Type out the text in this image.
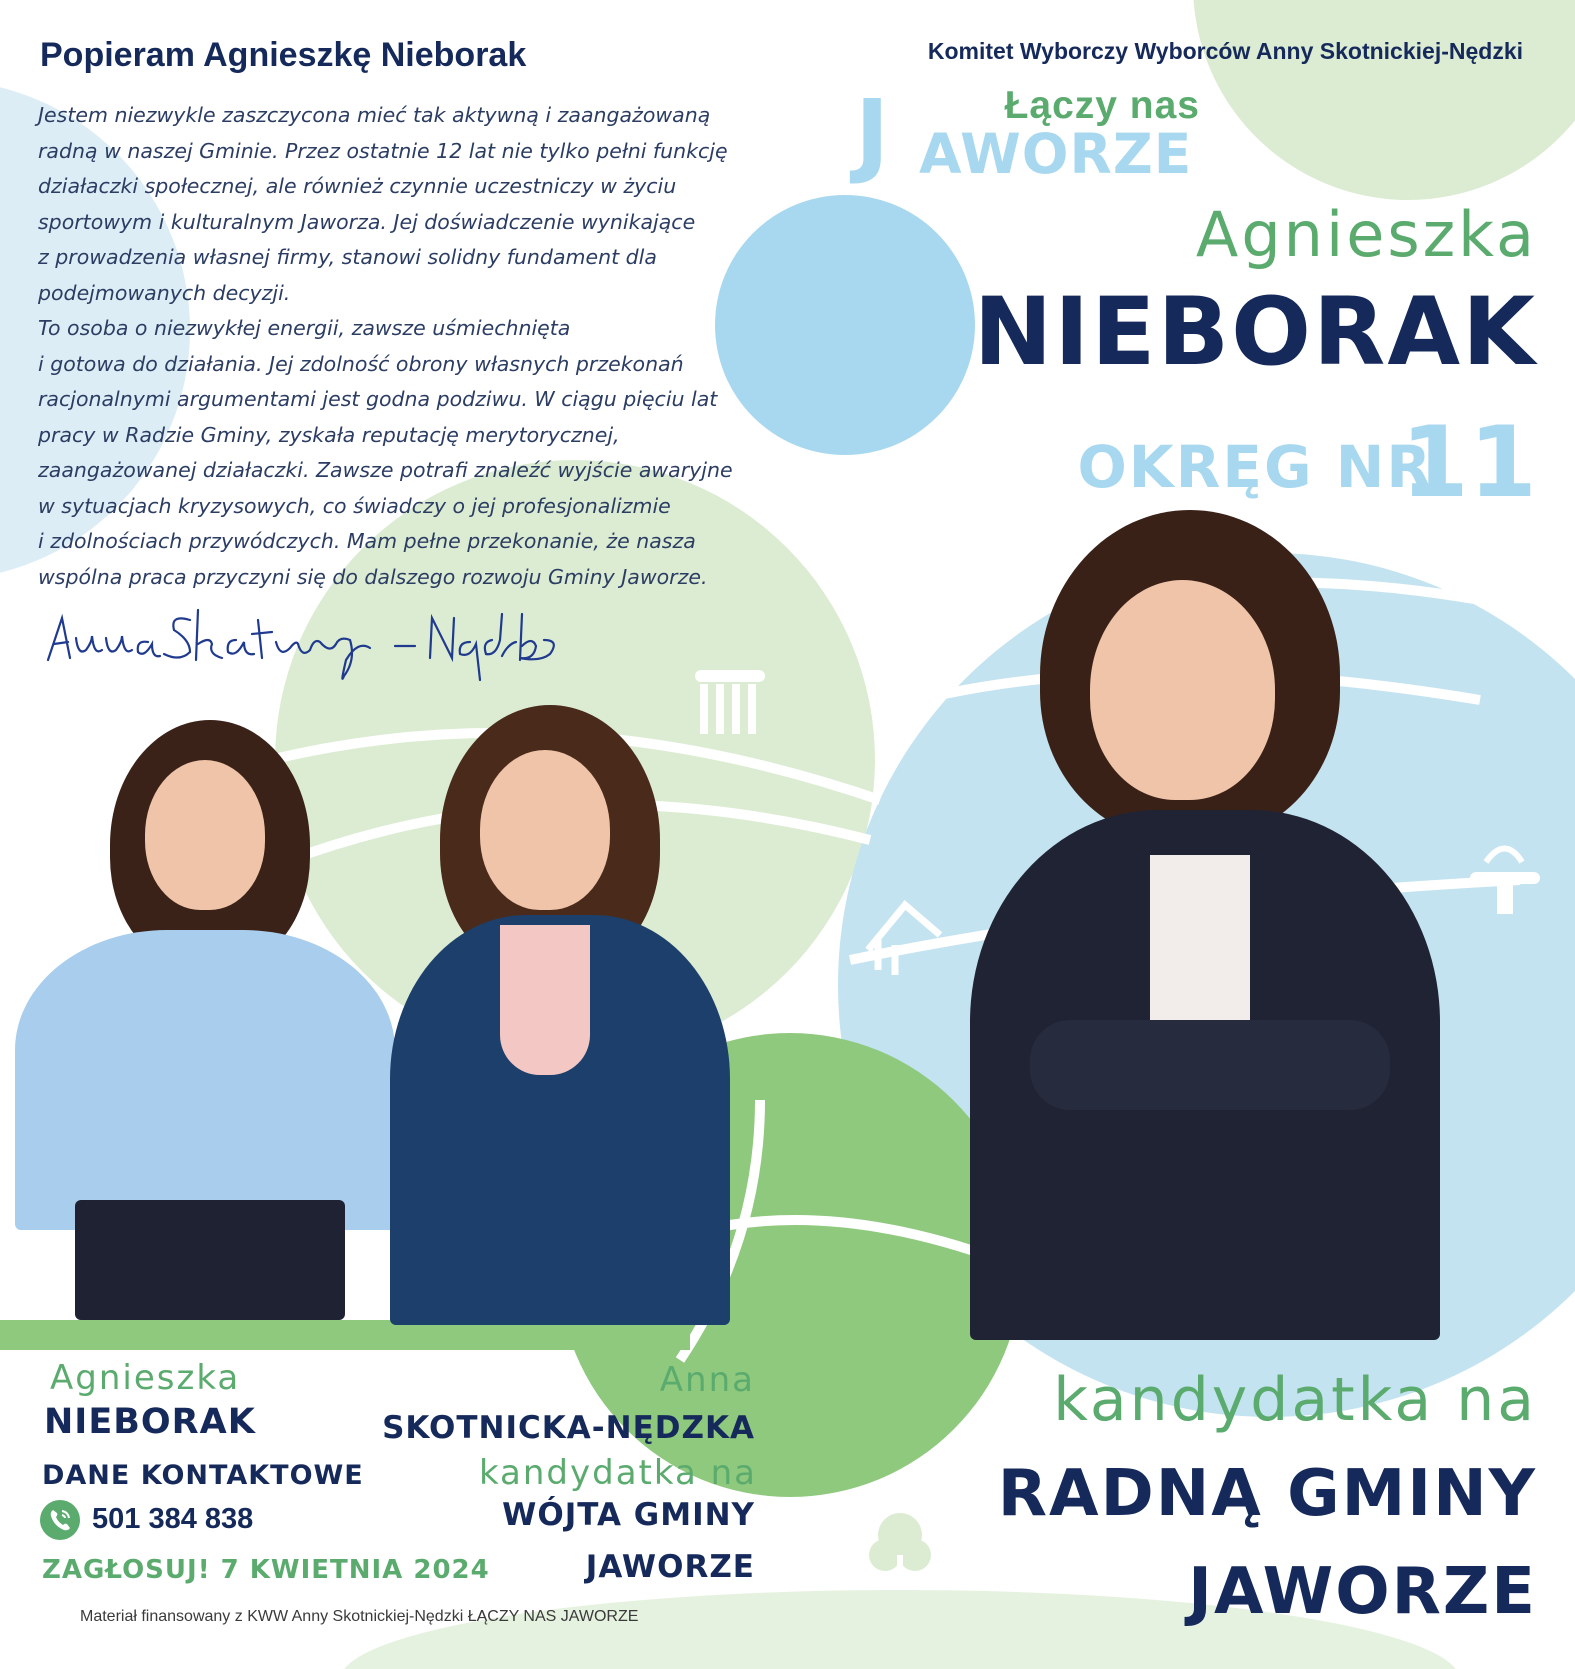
Popieram Agnieszkę Nieborak

Jestem niezwykle zaszczycona mieć tak aktywną i zaangażowaną

radną w naszej Gminie. Przez ostatnie 12 lat nie tylko pełni funkcję

działaczki społecznej, ale również czynnie uczestniczy w życiu

sportowym i kulturalnym Jaworza. Jej doświadczenie wynikające

z prowadzenia własnej firmy, stanowi solidny fundament dla

podejmowanych decyzji.

To osoba o niezwykłej energii, zawsze uśmiechnięta

i gotowa do działania. Jej zdolność obrony własnych przekonań

racjonalnymi argumentami jest godna podziwu. W ciągu pięciu lat

pracy w Radzie Gminy, zyskała reputację merytorycznej,

zaangażowanej działaczki. Zawsze potrafi znaleźć wyjście awaryjne

w sytuacjach kryzysowych, co świadczy o jej profesjonalizmie

i zdolnościach przywódczych. Mam pełne przekonanie, że nasza

wspólna praca przyczyni się do dalszego rozwoju Gminy Jaworze.

Komitet Wyborczy Wyborców Anny Skotnickiej-Nędzki
Łączy nas
J AWORZE
Agnieszka
NIEBORAK
OKRĘG NR
11
kandydatka na
RADNĄ GMINY
JAWORZE
Agnieszka
NIEBORAK
DANE KONTAKTOWE
501 384 838
ZAGŁOSUJ! 7 KWIETNIA 2024
Materiał finansowany z KWW Anny Skotnickiej-Nędzki ŁĄCZY NAS JAWORZE
Anna
SKOTNICKA-NĘDZKA
kandydatka na
WÓJTA GMINY
JAWORZE
